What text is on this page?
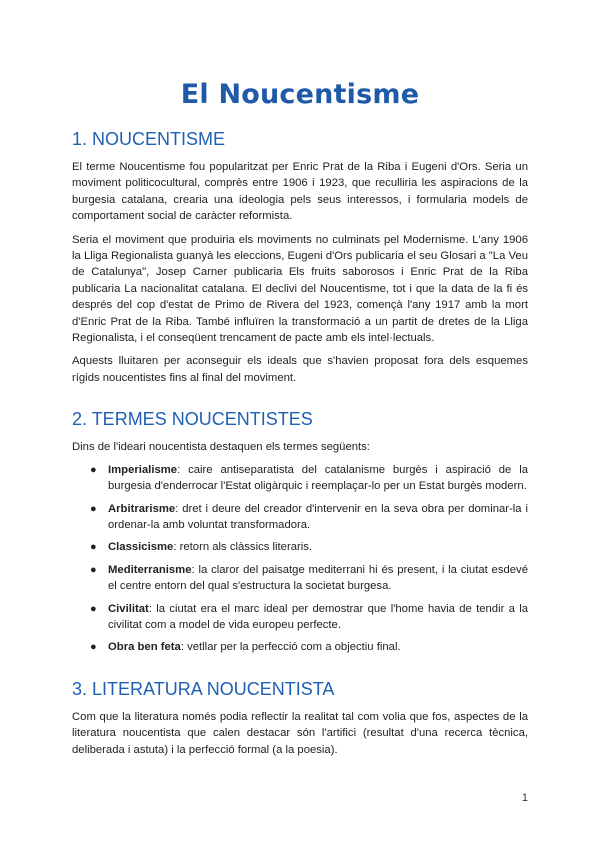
El Noucentisme
1. NOUCENTISME

El terme Noucentisme fou popularitzat per Enric Prat de la Riba i Eugeni d'Ors. Seria un moviment politicocultural, comprès entre 1906 i 1923, que reculliria les aspiracions de la burgesia catalana, crearia una ideologia pels seus interessos, i formularia models de comportament social de caràcter reformista.

Seria el moviment que produiria els moviments no culminats pel Modernisme. L'any 1906 la Lliga Regionalista guanyà les eleccions, Eugeni d'Ors publicaria el seu Glosari a "La Veu de Catalunya", Josep Carner publicaria Els fruits saborosos i Enric Prat de la Riba publicaria La nacionalitat catalana. El declivi del Noucentisme, tot i que la data de la fi és després del cop d'estat de Primo de Rivera del 1923, començà l'any 1917 amb la mort d'Enric Prat de la Riba. També influïren la transformació a un partit de dretes de la Lliga Regionalista, i el conseqüent trencament de pacte amb els intel·lectuals.

Aquests lluitaren per aconseguir els ideals que s'havien proposat fora dels esquemes rígids noucentistes fins al final del moviment.

2. TERMES NOUCENTISTES

Dins de l'ideari noucentista destaquen els termes següents:

● Imperialisme: caire antiseparatista del catalanisme burgès i aspiració de la burgesia d'enderrocar l'Estat oligàrquic i reemplaçar-lo per un Estat burgès modern.
● Arbitrarisme: dret i deure del creador d'intervenir en la seva obra per dominar-la i ordenar-la amb voluntat transformadora.
● Classicisme: retorn als clàssics literaris.
● Mediterranisme: la claror del paisatge mediterrani hi és present, i la ciutat esdevé el centre entorn del qual s'estructura la societat burgesa.
● Civilitat: la ciutat era el marc ideal per demostrar que l'home havia de tendir a la civilitat com a model de vida europeu perfecte.
● Obra ben feta: vetllar per la perfecció com a objectiu final.
3. LITERATURA NOUCENTISTA

Com que la literatura només podia reflectir la realitat tal com volia que fos, aspectes de la literatura noucentista que calen destacar són l'artifici (resultat d'una recerca tècnica, deliberada i astuta) i la perfecció formal (a la poesia).

1
